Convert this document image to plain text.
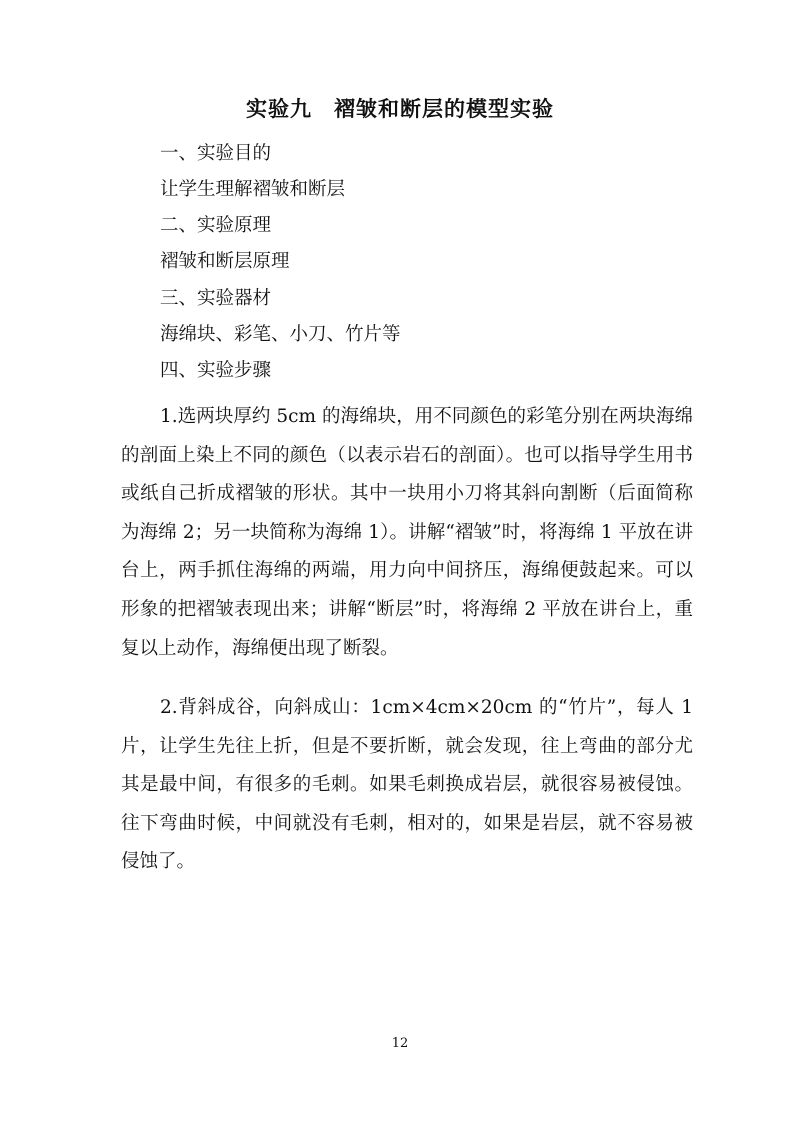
实验九　褶皱和断层的模型实验
一、实验目的
让学生理解褶皱和断层
二、实验原理
褶皱和断层原理
三、实验器材
海绵块、彩笔、小刀、竹片等
四、实验步骤
1.选两块厚约 5cm 的海绵块，用不同颜色的彩笔分别在两块海绵的剖面上染上不同的颜色（以表示岩石的剖面）。也可以指导学生用书或纸自己折成褶皱的形状。其中一块用小刀将其斜向割断（后面简称为海绵 2；另一块简称为海绵 1）。讲解“褶皱”时，将海绵 1 平放在讲台上，两手抓住海绵的两端，用力向中间挤压，海绵便鼓起来。可以形象的把褶皱表现出来；讲解“断层”时，将海绵 2 平放在讲台上，重复以上动作，海绵便出现了断裂。
2.背斜成谷，向斜成山：1cm×4cm×20cm 的“竹片”，每人 1 片，让学生先往上折，但是不要折断，就会发现，往上弯曲的部分尤其是最中间，有很多的毛刺。如果毛刺换成岩层，就很容易被侵蚀。往下弯曲时候，中间就没有毛刺，相对的，如果是岩层，就不容易被侵蚀了。
12
